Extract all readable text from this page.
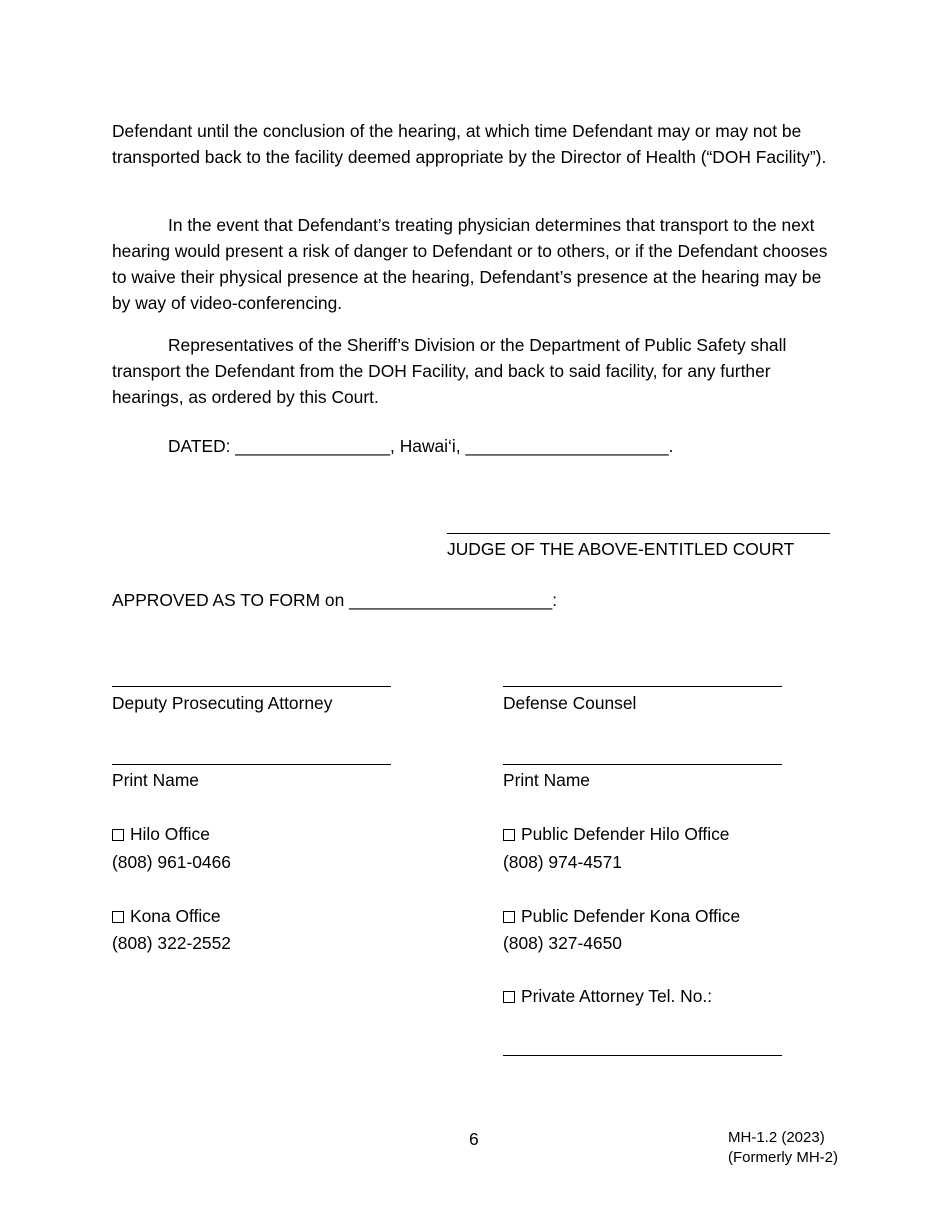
Defendant until the conclusion of the hearing, at which time Defendant may or may not be transported back to the facility deemed appropriate by the Director of Health (“DOH Facility”).

In the event that Defendant’s treating physician determines that transport to the next hearing would present a risk of danger to Defendant or to others, or if the Defendant chooses to waive their physical presence at the hearing, Defendant’s presence at the hearing may be by way of video-conferencing.

Representatives of the Sheriff’s Division or the Department of Public Safety shall transport the Defendant from the DOH Facility, and back to said facility, for any further hearings, as ordered by this Court.

DATED: ________________, Hawai‘i, _____________________.
JUDGE OF THE ABOVE-ENTITLED COURT
APPROVED AS TO FORM on _____________________:
Deputy Prosecuting Attorney
Print Name
Hilo Office
(808) 961-0466
Kona Office
(808) 322-2552
Defense Counsel
Print Name
Public Defender Hilo Office
(808) 974-4571
Public Defender Kona Office
(808) 327-4650
Private Attorney Tel. No.:
6	MH-1.2 (2023)
(Formerly MH-2)
